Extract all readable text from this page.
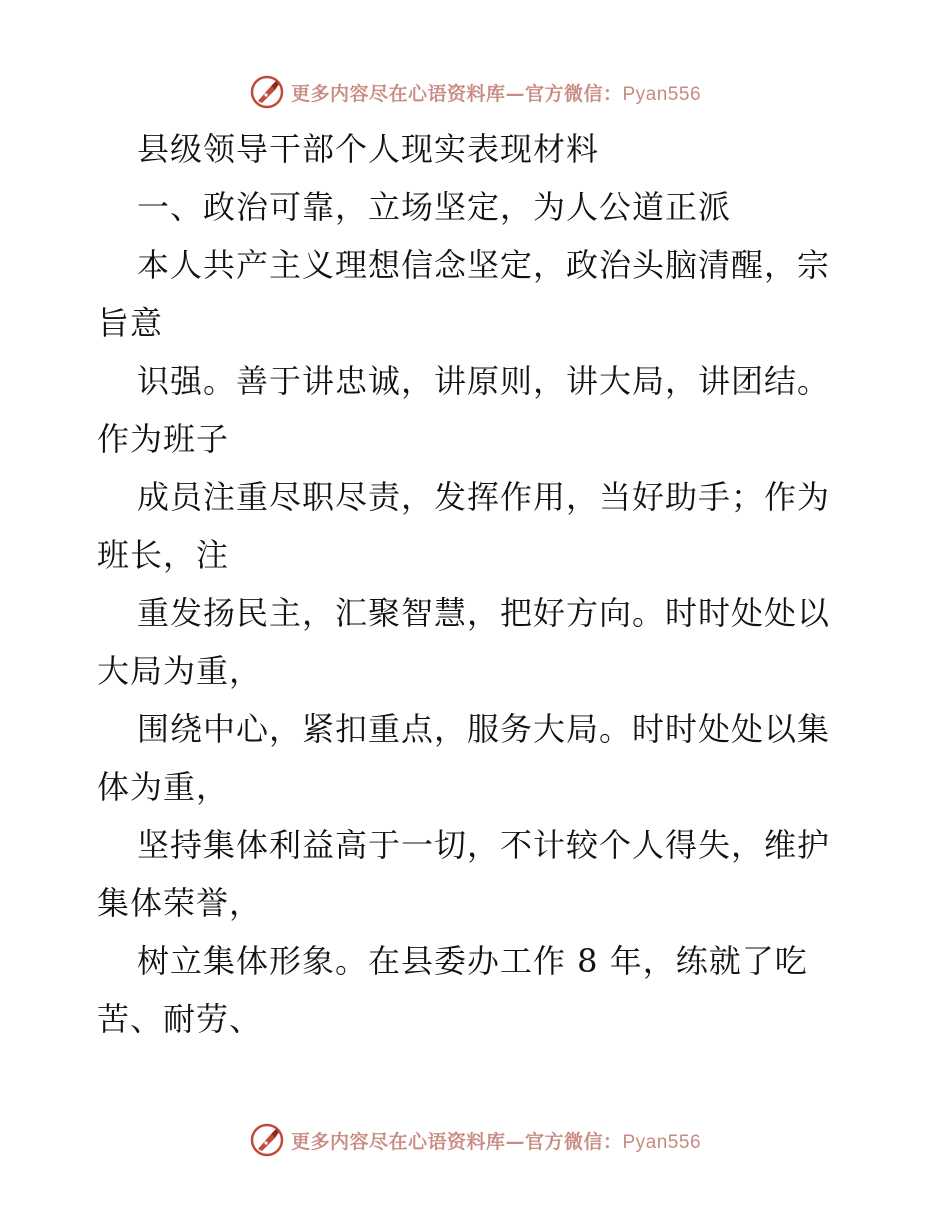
更多内容尽在心语资料库—官方微信：Pyan556
县级领导干部个人现实表现材料
一、政治可靠，立场坚定，为人公道正派
本人共产主义理想信念坚定，政治头脑清醒，宗
旨意
识强。善于讲忠诚，讲原则，讲大局，讲团结。
作为班子
成员注重尽职尽责，发挥作用，当好助手；作为
班长，注
重发扬民主，汇聚智慧，把好方向。时时处处以
大局为重，
围绕中心，紧扣重点，服务大局。时时处处以集
体为重，
坚持集体利益高于一切，不计较个人得失，维护
集体荣誉，
树立集体形象。在县委办工作 8 年，练就了吃
苦、耐劳、
更多内容尽在心语资料库—官方微信：Pyan556
